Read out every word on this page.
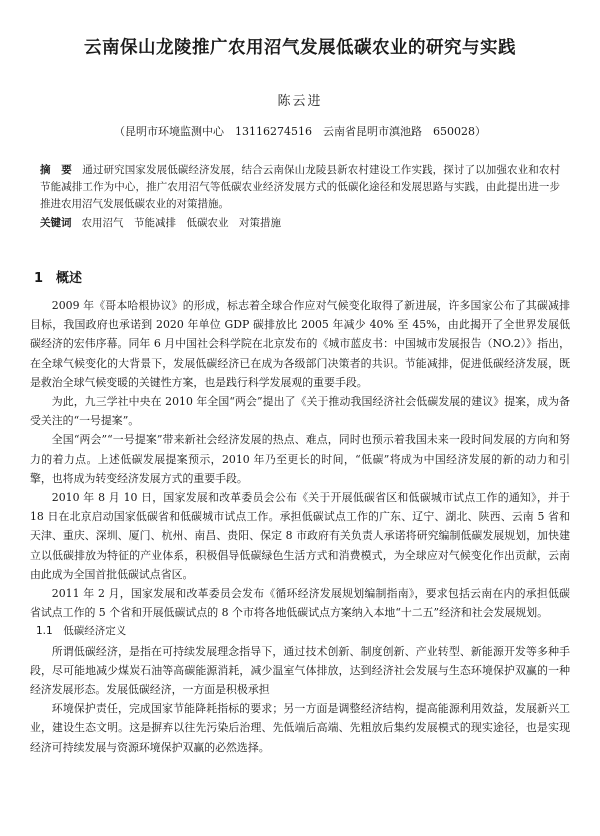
云南保山龙陵推广农用沼气发展低碳农业的研究与实践
陈云进
（昆明市环境监测中心　13116274516　云南省昆明市滇池路　650028）
摘　要 通过研究国家发展低碳经济发展，结合云南保山龙陵县新农村建设工作实践，探讨了以加强农业和农村节能减排工作为中心，推广农用沼气等低碳农业经济发展方式的低碳化途径和发展思路与实践，由此提出进一步推进农用沼气发展低碳农业的对策措施。
关键词 农用沼气　节能减排　低碳农业　对策措施
1　概述

2009 年《哥本哈根协议》的形成，标志着全球合作应对气候变化取得了新进展，许多国家公布了其碳减排目标，我国政府也承诺到 2020 年单位 GDP 碳排放比 2005 年减少 40% 至 45%，由此揭开了全世界发展低碳经济的宏伟序幕。同年 6 月中国社会科学院在北京发布的《城市蓝皮书：中国城市发展报告（NO.2）》指出，在全球气候变化的大背景下，发展低碳经济已在成为各级部门决策者的共识。节能减排，促进低碳经济发展，既是救治全球气候变暖的关键性方案，也是践行科学发展观的重要手段。

为此，九三学社中央在 2010 年全国“两会”提出了《关于推动我国经济社会低碳发展的建议》提案，成为备受关注的“一号提案”。

全国“两会”“一号提案”带来新社会经济发展的热点、难点，同时也预示着我国未来一段时间发展的方向和努力的着力点。上述低碳发展提案预示，2010 年乃至更长的时间，“低碳”将成为中国经济发展的新的动力和引擎，也将成为转变经济发展方式的重要手段。

2010 年 8 月 10 日，国家发展和改革委员会公布《关于开展低碳省区和低碳城市试点工作的通知》，并于 18 日在北京启动国家低碳省和低碳城市试点工作。承担低碳试点工作的广东、辽宁、湖北、陕西、云南 5 省和天津、重庆、深圳、厦门、杭州、南昌、贵阳、保定 8 市政府有关负责人承诺将研究编制低碳发展规划，加快建立以低碳排放为特征的产业体系，积极倡导低碳绿色生活方式和消费模式，为全球应对气候变化作出贡献，云南由此成为全国首批低碳试点省区。

2011 年 2 月，国家发展和改革委员会发布《循环经济发展规划编制指南》，要求包括云南在内的承担低碳省试点工作的 5 个省和开展低碳试点的 8 个市将各地低碳试点方案纳入本地“十二五”经济和社会发展规划。

1.1　低碳经济定义

所谓低碳经济，是指在可持续发展理念指导下，通过技术创新、制度创新、产业转型、新能源开发等多种手段，尽可能地减少煤炭石油等高碳能源消耗，减少温室气体排放，达到经济社会发展与生态环境保护双赢的一种经济发展形态。发展低碳经济，一方面是积极承担

环境保护责任，完成国家节能降耗指标的要求；另一方面是调整经济结构，提高能源利用效益，发展新兴工业，建设生态文明。这是摒弃以往先污染后治理、先低端后高端、先粗放后集约发展模式的现实途径，也是实现经济可持续发展与资源环境保护双赢的必然选择。
